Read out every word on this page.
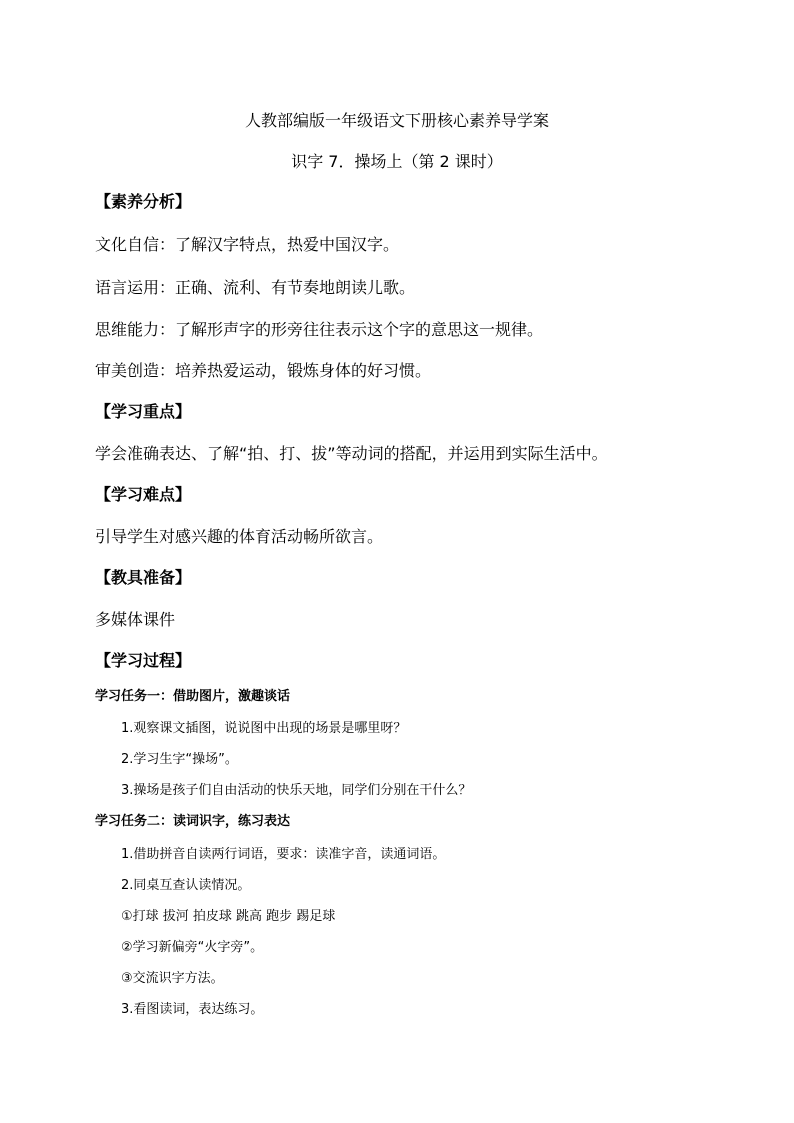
人教部编版一年级语文下册核心素养导学案
识字 7．操场上（第 2 课时）
【素养分析】
文化自信：了解汉字特点，热爱中国汉字。
语言运用：正确、流利、有节奏地朗读儿歌。
思维能力：了解形声字的形旁往往表示这个字的意思这一规律。
审美创造：培养热爱运动，锻炼身体的好习惯。
【学习重点】
学会准确表达、了解“拍、打、拔”等动词的搭配，并运用到实际生活中。
【学习难点】
引导学生对感兴趣的体育活动畅所欲言。
【教具准备】
多媒体课件
【学习过程】
学习任务一：借助图片，激趣谈话
1.观察课文插图，说说图中出现的场景是哪里呀？
2.学习生字“操场”。
3.操场是孩子们自由活动的快乐天地，同学们分别在干什么？
学习任务二：读词识字，练习表达
1.借助拼音自读两行词语，要求：读准字音，读通词语。
2.同桌互查认读情况。
①打球 拔河 拍皮球 跳高 跑步 踢足球
②学习新偏旁“火字旁”。
③交流识字方法。
3.看图读词，表达练习。
